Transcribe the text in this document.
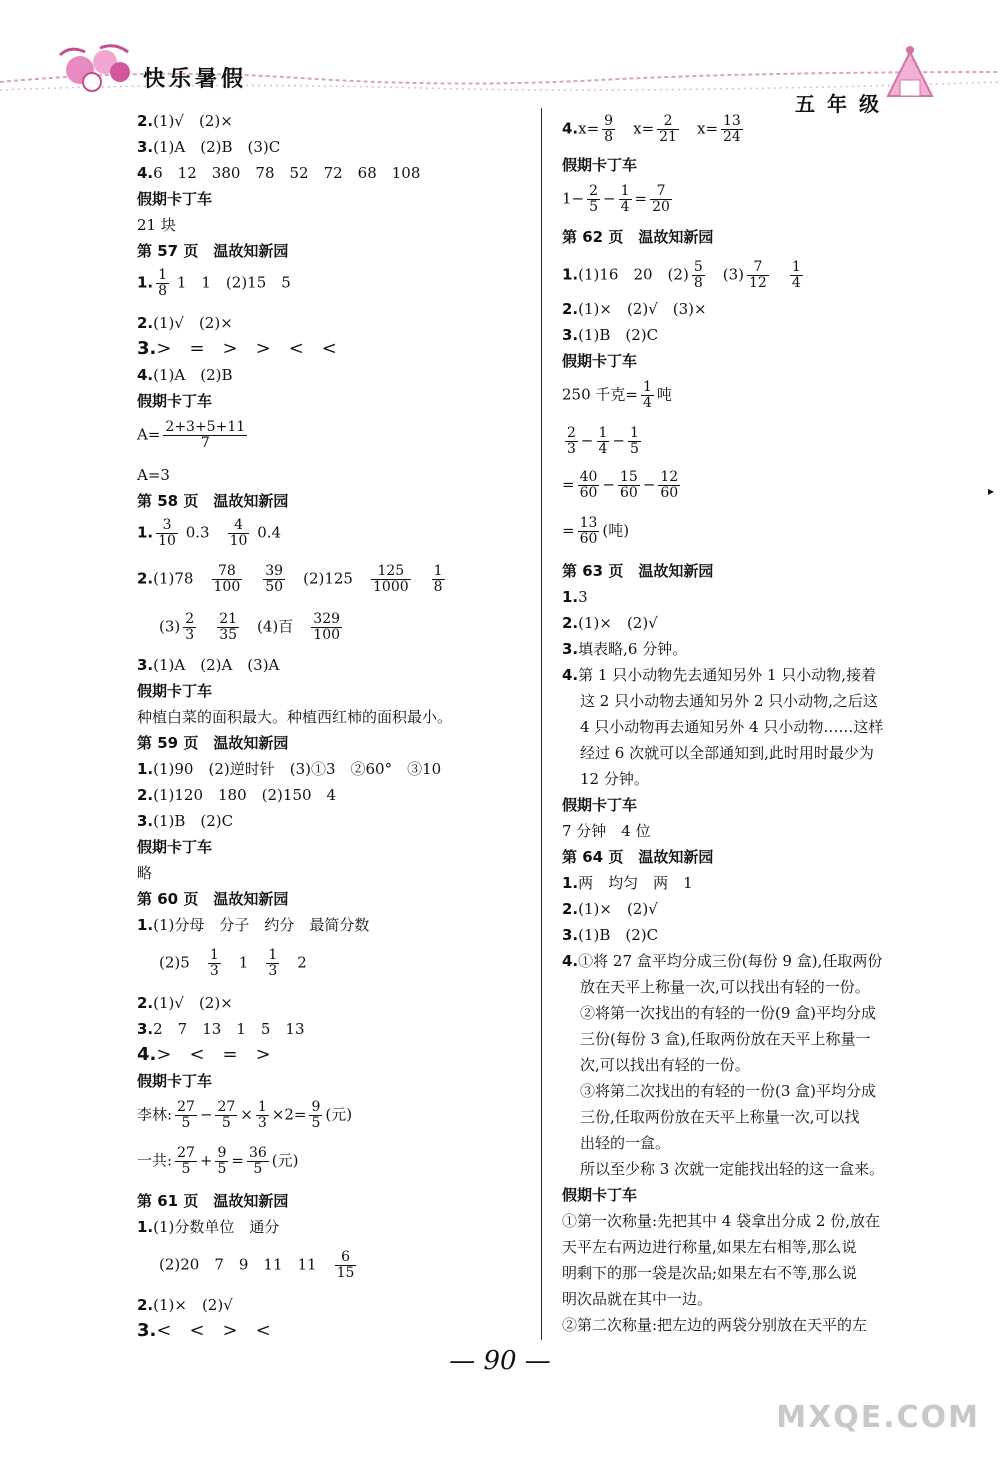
快乐暑假
五年级
2.(1)√　(2)×
3.(1)A　(2)B　(3)C
4.6　12　380　78　52　72　68　108
假期卡丁车
21 块
第 57 页　温故知新园
1. $\frac{1}{8} 1$　1　(2)15　5
2.(1)√　(2)×
3.>　=　>　>　<　<
4.(1)A　(2)B
假期卡丁车
$A= \frac{2+3+5+11}{7}$
A=3
第 58 页　温故知新园
1. $\frac{3}{10} 0.3$　 $\frac{4}{10} 0.4$
2.(1)78　 $\frac{78}{100}$
　 $\frac{39}{50}$
　 (2)125　 $\frac{125}{1000}$
　 $\frac{1}{8}$
$(3) \frac{2}{3}$
　 $\frac{21}{35}$
　 (4)百　 $\frac{329}{100}$
3.(1)A　(2)A　(3)A
假期卡丁车
种植白菜的面积最大。种植西红柿的面积最小。
第 59 页　温故知新园
1.(1)90　(2)逆时针　(3)①3　②60°　③10
2.(1)120　180　(2)150　4
3.(1)B　(2)C
假期卡丁车
略
第 60 页　温故知新园
1.(1)分母　分子　约分　最简分数
(2)5　 $\frac{1}{3}$
　 1　 $\frac{1}{3}$
　 2
2.(1)√　(2)×
3.2　7　13　1　5　13
4.>　<　=　>
假期卡丁车
李林: $\frac{27}{5} - \frac{27}{5} \times \frac{1}{3} \times 2= \frac{9}{5}$ (元)
一共: $\frac{27}{5} + \frac{9}{5} = \frac{36}{5}$ (元)
第 61 页　温故知新园
1.(1)分数单位　通分
(2)20　7　9　11　11　 $\frac{6}{15}$
2.(1)×　(2)√
3.<　<　>　<
$4.x= \frac{9}{8}$
　 $x= \frac{2}{21}$
　 $x= \frac{13}{24}$
假期卡丁车
$1- \frac{2}{5} - \frac{1}{4} = \frac{7}{20}$
第 62 页　温故知新园
1.(1)16　20　$(2) \frac{5}{8}$
　 $(3) \frac{7}{12}$
　 $\frac{1}{4}$
2.(1)×　(2)√　(3)×
3.(1)B　(2)C
假期卡丁车
250 千克= $\frac{1}{4}$ 吨
$\frac{2}{3} - \frac{1}{4} - \frac{1}{5}$
= $\frac{40}{60} - \frac{15}{60} - \frac{12}{60}$
= $\frac{13}{60}$ (吨)
第 63 页　温故知新园
1.3
2.(1)×　(2)√
3.填表略,6 分钟。
4.第 1 只小动物先去通知另外 1 只小动物,接着
这 2 只小动物去通知另外 2 只小动物,之后这
4 只小动物再去通知另外 4 只小动物……这样
经过 6 次就可以全部通知到,此时用时最少为
12 分钟。
假期卡丁车
7 分钟　4 位
第 64 页　温故知新园
1.两　均匀　两　1
2.(1)×　(2)√
3.(1)B　(2)C
4.①将 27 盒平均分成三份(每份 9 盒),任取两份
放在天平上称量一次,可以找出有轻的一份。
②将第一次找出的有轻的一份(9 盒)平均分成
三份(每份 3 盒),任取两份放在天平上称量一
次,可以找出有轻的一份。
③将第二次找出的有轻的一份(3 盒)平均分成
三份,任取两份放在天平上称量一次,可以找
出轻的一盒。
所以至少称 3 次就一定能找出轻的这一盒来。
假期卡丁车
①第一次称量:先把其中 4 袋拿出分成 2 份,放在
天平左右两边进行称量,如果左右相等,那么说
明剩下的那一袋是次品;如果左右不等,那么说
明次品就在其中一边。
②第二次称量:把左边的两袋分别放在天平的左
▸
— 90 —
MXQE.COM
